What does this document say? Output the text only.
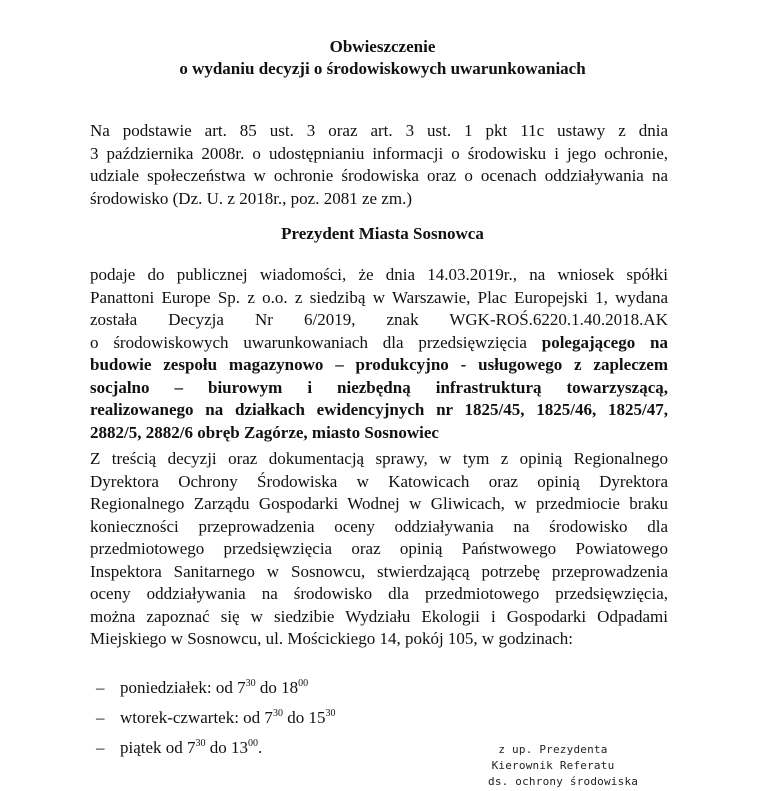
Obwieszczenie
o wydaniu decyzji o środowiskowych uwarunkowaniach
Na podstawie art. 85 ust. 3 oraz art. 3 ust. 1 pkt 11c ustawy z dnia
3 października 2008r. o udostępnianiu informacji o środowisku i jego ochronie,
udziale społeczeństwa w ochronie środowiska oraz o ocenach oddziaływania na
środowisko (Dz. U. z 2018r., poz. 2081 ze zm.)
Prezydent Miasta Sosnowca
podaje do publicznej wiadomości, że dnia 14.03.2019r., na wniosek spółki
Panattoni Europe Sp. z o.o. z siedzibą w Warszawie, Plac Europejski 1, wydana
została Decyzja Nr 6/2019, znak WGK-ROŚ.6220.1.40.2018.AK
o środowiskowych uwarunkowaniach dla przedsięwzięcia polegającego na
budowie zespołu magazynowo – produkcyjno - usługowego z zapleczem
socjalno – biurowym i niezbędną infrastrukturą towarzyszącą,
realizowanego na działkach ewidencyjnych nr 1825/45, 1825/46, 1825/47,
2882/5, 2882/6 obręb Zagórze, miasto Sosnowiec
Z treścią decyzji oraz dokumentacją sprawy, w tym z opinią Regionalnego
Dyrektora Ochrony Środowiska w Katowicach oraz opinią Dyrektora
Regionalnego Zarządu Gospodarki Wodnej w Gliwicach, w przedmiocie braku
konieczności przeprowadzenia oceny oddziaływania na środowisko dla
przedmiotowego przedsięwzięcia oraz opinią Państwowego Powiatowego
Inspektora Sanitarnego w Sosnowcu, stwierdzającą potrzebę przeprowadzenia
oceny oddziaływania na środowisko dla przedmiotowego przedsięwzięcia,
można zapoznać się w siedzibie Wydziału Ekologii i Gospodarki Odpadami
Miejskiego w Sosnowcu, ul. Mościckiego 14, pokój 105, w godzinach:
– poniedziałek: od $7^{30}$ do $18^{00}$
– wtorek-czwartek: od $7^{30}$ do $15^{30}$
– piątek od $7^{30}$ do $13^{00}$.	z up. Prezydenta
Kierownik Referatu
ds. ochrony środowiska
